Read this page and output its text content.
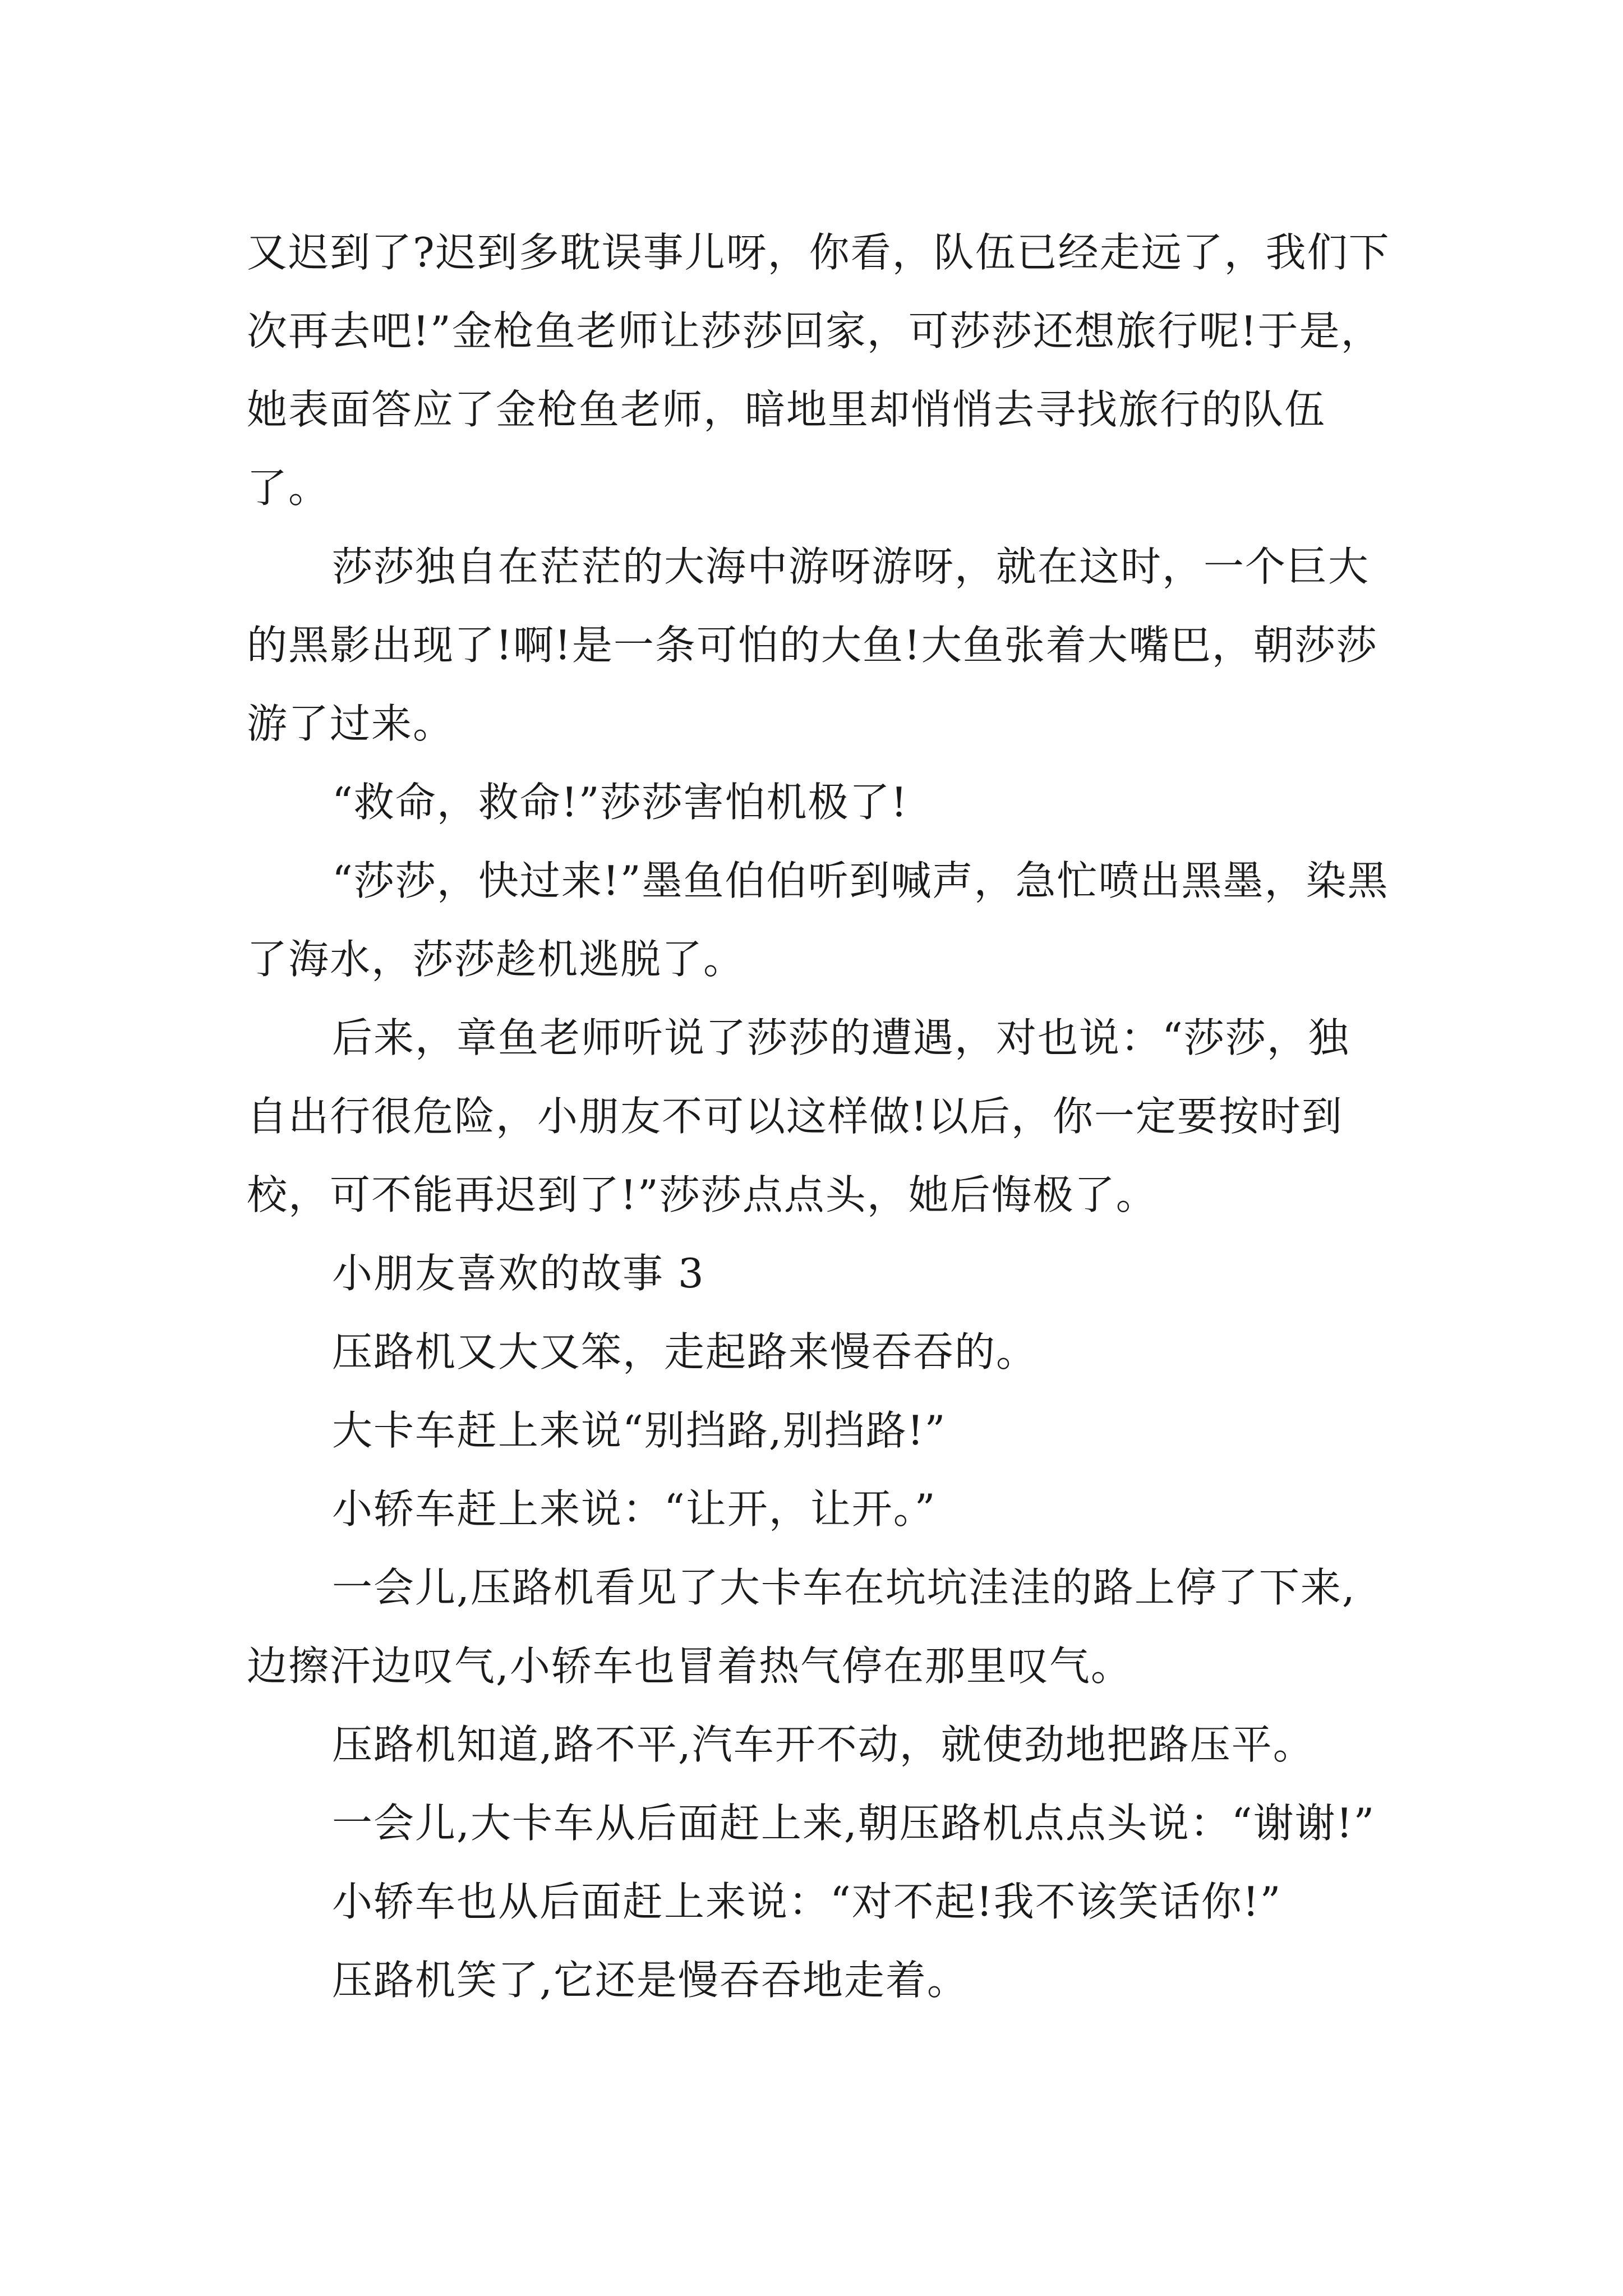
又迟到了?迟到多耽误事儿呀，你看，队伍已经走远了，我们下次再去吧!”金枪鱼老师让莎莎回家，可莎莎还想旅行呢!于是，她表面答应了金枪鱼老师，暗地里却悄悄去寻找旅行的队伍了。

莎莎独自在茫茫的大海中游呀游呀，就在这时，一个巨大的黑影出现了!啊!是一条可怕的大鱼!大鱼张着大嘴巴，朝莎莎游了过来。

“救命，救命!”莎莎害怕机极了!

“莎莎，快过来!”墨鱼伯伯听到喊声，急忙喷出黑墨，染黑了海水，莎莎趁机逃脱了。

后来，章鱼老师听说了莎莎的遭遇，对也说：“莎莎，独自出行很危险，小朋友不可以这样做!以后，你一定要按时到校，可不能再迟到了!”莎莎点点头，她后悔极了。

小朋友喜欢的故事 3

压路机又大又笨，走起路来慢吞吞的。

大卡车赶上来说“别挡路,别挡路!”

小轿车赶上来说：“让开，让开。”

一会儿,压路机看见了大卡车在坑坑洼洼的路上停了下来,边擦汗边叹气,小轿车也冒着热气停在那里叹气。

压路机知道,路不平,汽车开不动，就使劲地把路压平。

一会儿,大卡车从后面赶上来,朝压路机点点头说：“谢谢!”

小轿车也从后面赶上来说：“对不起!我不该笑话你!”

压路机笑了,它还是慢吞吞地走着。
